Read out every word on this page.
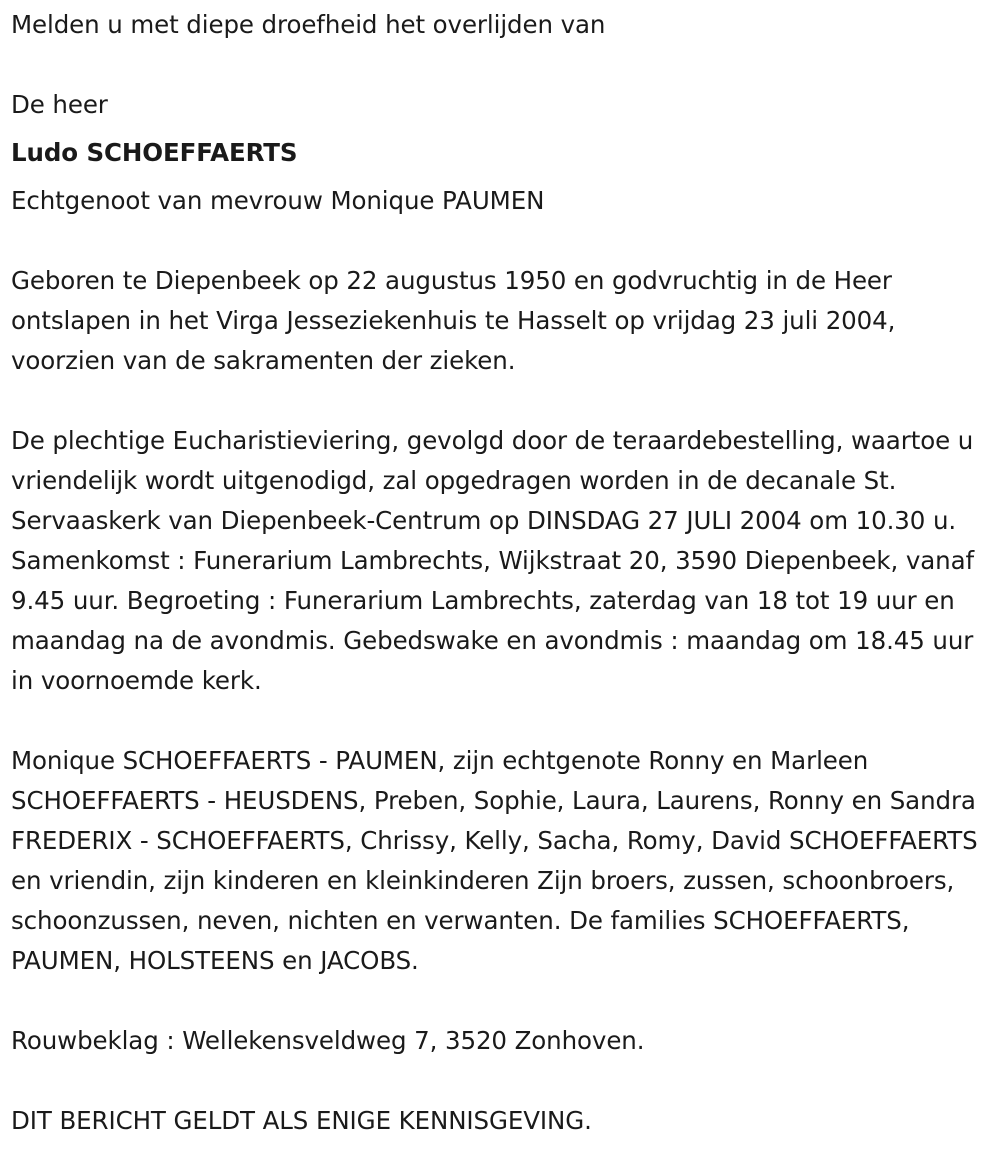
Melden u met diepe droefheid het overlijden van

De heer

Ludo SCHOEFFAERTS

Echtgenoot van mevrouw Monique PAUMEN

Geboren te Diepenbeek op 22 augustus 1950 en godvruchtig in de Heer ontslapen in het Virga Jesseziekenhuis te Hasselt op vrijdag 23 juli 2004, voorzien van de sakramenten der zieken.

De plechtige Eucharistieviering, gevolgd door de teraardebestelling, waartoe u vriendelijk wordt uitgenodigd, zal opgedragen worden in de decanale St. Servaaskerk van Diepenbeek-Centrum op DINSDAG 27 JULI 2004 om 10.30 u. Samenkomst : Funerarium Lambrechts, Wijkstraat 20, 3590 Diepenbeek, vanaf 9.45 uur. Begroeting : Funerarium Lambrechts, zaterdag van 18 tot 19 uur en maandag na de avondmis. Gebedswake en avondmis : maandag om 18.45 uur in voornoemde kerk.

Monique SCHOEFFAERTS - PAUMEN, zijn echtgenote Ronny en Marleen SCHOEFFAERTS - HEUSDENS, Preben, Sophie, Laura, Laurens, Ronny en Sandra FREDERIX - SCHOEFFAERTS, Chrissy, Kelly, Sacha, Romy, David SCHOEFFAERTS en vriendin, zijn kinderen en kleinkinderen Zijn broers, zussen, schoonbroers, schoonzussen, neven, nichten en verwanten. De families SCHOEFFAERTS, PAUMEN, HOLSTEENS en JACOBS.

Rouwbeklag : Wellekensveldweg 7, 3520 Zonhoven.

DIT BERICHT GELDT ALS ENIGE KENNISGEVING.
